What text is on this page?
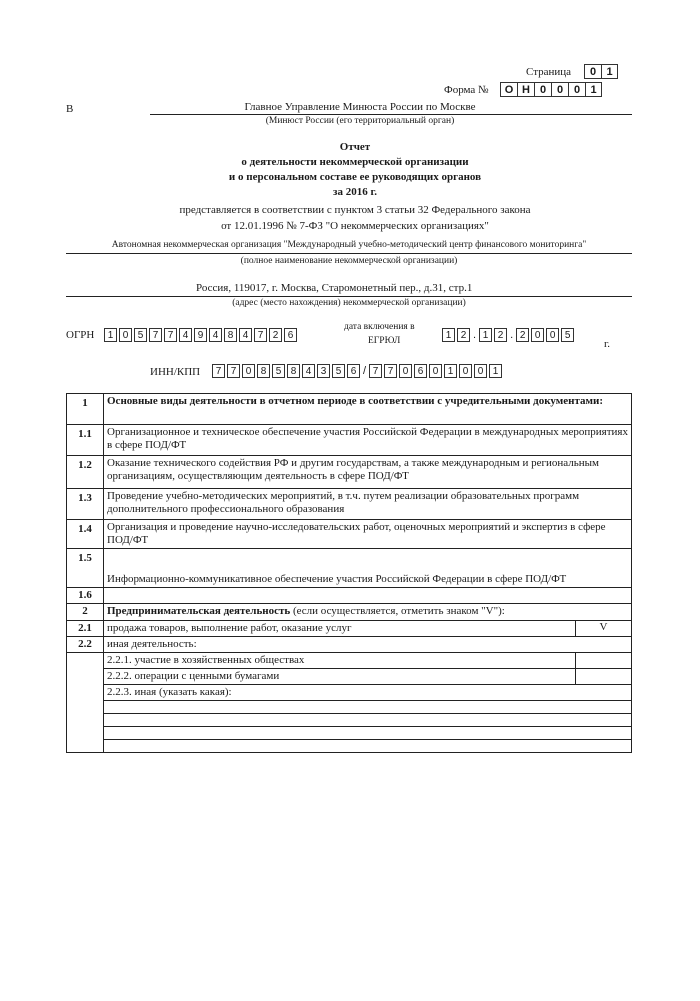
Страница	0 1
Форма №	О Н 0 0 0 1
В	Главное Управление Минюста России по Москве
(Минюст России (его территориальный орган)
Отчет
о деятельности некоммерческой организации
и о персональном составе ее руководящих органов
за 2016 г.
представляется в соответствии с пунктом 3 статьи 32 Федерального закона
от 12.01.1996 № 7-ФЗ "О некоммерческих организациях"
Автономная некоммерческая организация "Международный учебно-методический центр финансового мониторинга"
(полное наименование некоммерческой организации)
Россия, 119017, г. Москва, Старомонетный пер., д.31, стр.1
(адрес (место нахождения) некоммерческой организации)
ОГРН	1 0 5 7 7 4 9 4 8 4 7 2 6
дата включения в
ЕГРЮЛ
1 2 . 1 2 . 2 0 0 5
г.
ИНН/КПП	7 7 0 8 5 8 4 3 5 6 / 7 7 0 6 0 1 0 0 1
1	Основные виды деятельности в отчетном периоде в соответствии с учредительными документами:
1.1	Организационное и техническое обеспечение участия Российской Федерации в международных мероприятиях в сфере ПОД/ФТ
1.2	Оказание технического содействия РФ и другим государствам, а также международным и региональным организациям, осуществляющим деятельность в сфере ПОД/ФТ
1.3	Проведение учебно-методических мероприятий, в т.ч. путем реализации образовательных программ дополнительного профессионального образования
1.4	Организация и проведение научно-исследовательских работ, оценочных мероприятий и экспертиз в сфере ПОД/ФТ
1.5	Информационно-коммуникативное обеспечение участия Российской Федерации в сфере ПОД/ФТ
1.6	
2	Предпринимательская деятельность (если осуществляется, отметить знаком "V"):
2.1	продажа товаров, выполнение работ, оказание услуг V

2.2	иная деятельность:

	2.2.1. участие в хозяйственных обществах
2.2.2. операции с ценными бумагами
2.2.3. иная (указать какая):
